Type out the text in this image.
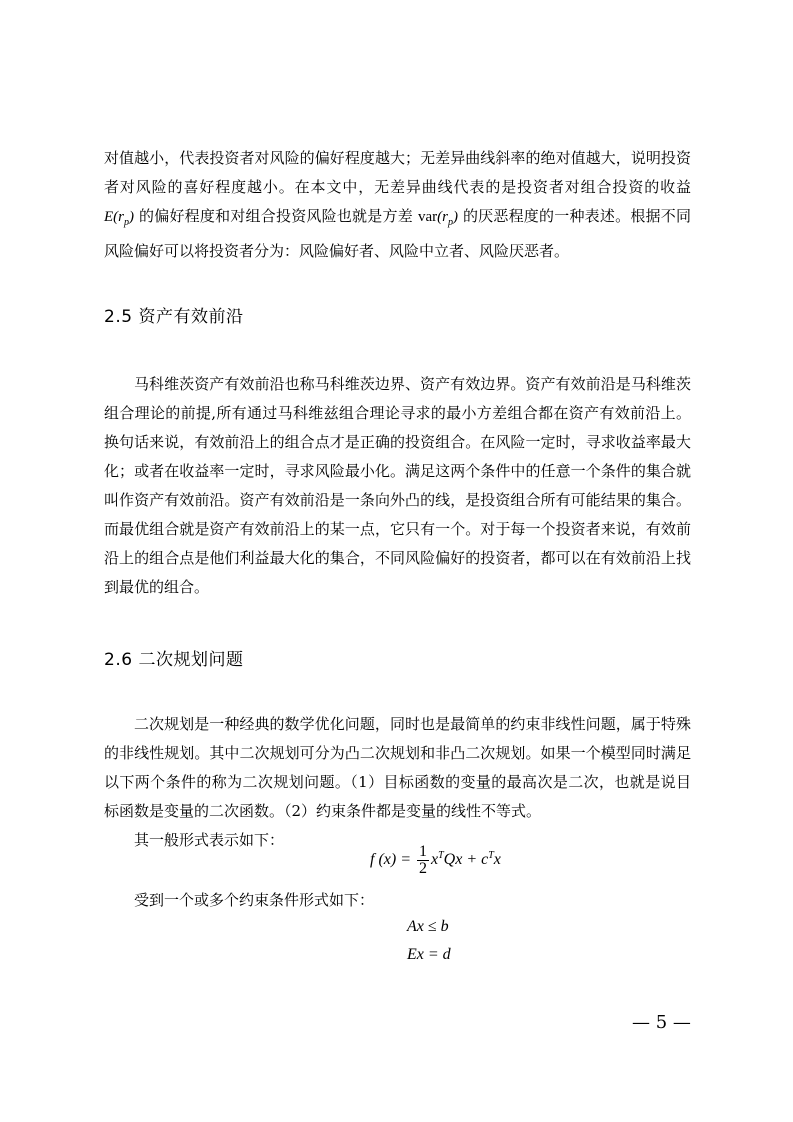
对值越小，代表投资者对风险的偏好程度越大；无差异曲线斜率的绝对值越大，说明投资者对风险的喜好程度越小。在本文中，无差异曲线代表的是投资者对组合投资的收益 $E(r_p)$ 的偏好程度和对组合投资风险也就是方差 $var(r_p)$ 的厌恶程度的一种表述。根据不同风险偏好可以将投资者分为：风险偏好者、风险中立者、风险厌恶者。

2.5 资产有效前沿

马科维茨资产有效前沿也称马科维茨边界、资产有效边界。资产有效前沿是马科维茨组合理论的前提,所有通过马科维兹组合理论寻求的最小方差组合都在资产有效前沿上。换句话来说，有效前沿上的组合点才是正确的投资组合。在风险一定时，寻求收益率最大化；或者在收益率一定时，寻求风险最小化。满足这两个条件中的任意一个条件的集合就叫作资产有效前沿。资产有效前沿是一条向外凸的线，是投资组合所有可能结果的集合。而最优组合就是资产有效前沿上的某一点，它只有一个。对于每一个投资者来说，有效前沿上的组合点是他们利益最大化的集合，不同风险偏好的投资者，都可以在有效前沿上找到最优的组合。

2.6 二次规划问题

二次规划是一种经典的数学优化问题，同时也是最简单的约束非线性问题，属于特殊的非线性规划。其中二次规划可分为凸二次规划和非凸二次规划。如果一个模型同时满足以下两个条件的称为二次规划问题。（1）目标函数的变量的最高次是二次，也就是说目标函数是变量的二次函数。（2）约束条件都是变量的线性不等式。

其一般形式表示如下：

f $(x) = \frac{1}{2} x^TQx + c^Tx$

受到一个或多个约束条件形式如下：

Ax ≤ b
Ex = d
— 5 —
